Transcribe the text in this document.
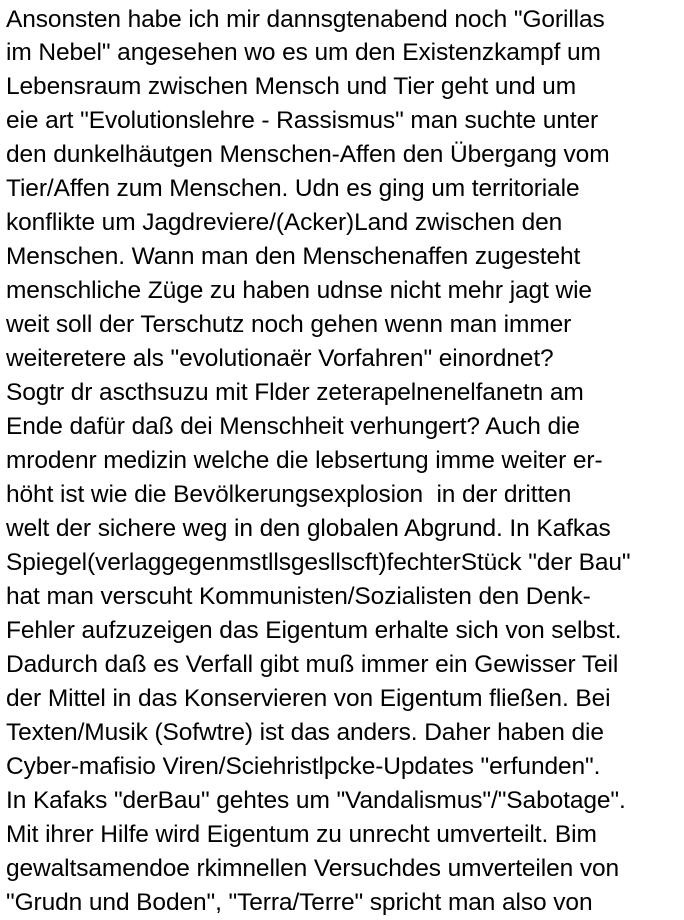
Ansonsten habe ich mir dannsgtenabend noch "Gorillas
im Nebel" angesehen wo es um den Existenzkampf um
Lebensraum zwischen Mensch und Tier geht und um
eie art "Evolutionslehre - Rassismus" man suchte unter
den dunkelhäutgen Menschen-Affen den Übergang vom
Tier/Affen zum Menschen. Udn es ging um territoriale
konflikte um Jagdreviere/(Acker)Land zwischen den
Menschen. Wann man den Menschenaffen zugesteht
menschliche Züge zu haben udnse nicht mehr jagt wie
weit soll der Terschutz noch gehen wenn man immer
weiteretere als "evolutionaër Vorfahren" einordnet?
Sogtr dr ascthsuzu mit Flder zeterapelnenelfanetn am
Ende dafür daß dei Menschheit verhungert? Auch die
mrodenr medizin welche die lebsertung imme weiter er-
höht ist wie die Bevölkerungsexplosion  in der dritten
welt der sichere weg in den globalen Abgrund. In Kafkas
Spiegel(verlaggegenmstllsgesllscft)fechterStück "der Bau"
hat man verscuht Kommunisten/Sozialisten den Denk-
Fehler aufzuzeigen das Eigentum erhalte sich von selbst.
Dadurch daß es Verfall gibt muß immer ein Gewisser Teil
der Mittel in das Konservieren von Eigentum fließen. Bei
Texten/Musik (Sofwtre) ist das anders. Daher haben die
Cyber-mafisio Viren/Sciehristlpcke-Updates "erfunden".
In Kafaks "derBau" gehtes um "Vandalismus"/"Sabotage".
Mit ihrer Hilfe wird Eigentum zu unrecht umverteilt. Bim
gewaltsamendoe rkimnellen Versuchdes umverteilen von
"Grudn und Boden", "Terra/Terre" spricht man also von
